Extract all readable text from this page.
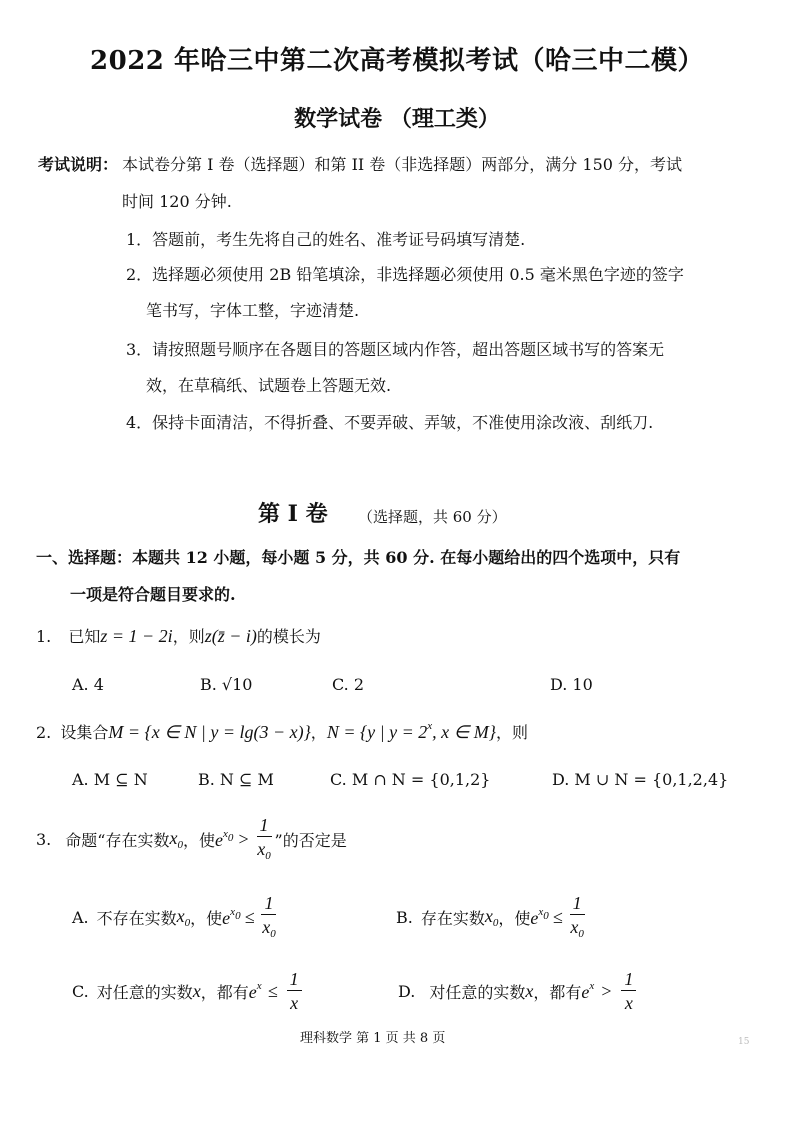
2022 年哈三中第二次高考模拟考试（哈三中二模）
数学试卷 （理工类）
考试说明： 本试卷分第 I 卷（选择题）和第 II 卷（非选择题）两部分，满分 150 分，考试
时间 120 分钟.
1．答题前，考生先将自己的姓名、准考证号码填写清楚.
2．选择题必须使用 2B 铅笔填涂，非选择题必须使用 0.5 毫米黑色字迹的签字
笔书写，字体工整，字迹清楚.
3．请按照题号顺序在各题目的答题区域内作答，超出答题区域书写的答案无
效，在草稿纸、试题卷上答题无效.
4．保持卡面清洁，不得折叠、不要弄破、弄皱，不准使用涂改液、刮纸刀.
第 I 卷 （选择题，共 60 分）
一、选择题：本题共 12 小题，每小题 5 分，共 60 分. 在每小题给出的四个选项中，只有
一项是符合题目要求的.
1. 已知z = 1 − 2i，则z(z̄ − i)的模长为
A. 4	B. √10	C. 2	D. 10
2. 设集合M = {x ∈ N | y = lg(3 − x)}，N = {y | $y = 2^x$, x ∈ M}，则
A. M ⊆ N	B. N ⊆ M	C. M ∩ N = {0,1,2}	D. M ∪ N = {0,1,2,4}
3. 命题“存在实数 $x_0$ ，使 $e^{x_0} > \frac{1}{x_0}$ ”的否定是
A. 不存在实数 $x_0$ ，使 $e^{x_0} \le \frac{1}{x_0}$	B. 存在实数 $x_0$ ，使 $e^{x_0} \le \frac{1}{x_0}$
C. 对任意的实数 x ，都有 $e^x \le \frac{1}{x}$	D. 对任意的实数 x ，都有 $e^x > \frac{1}{x}$
理科数学 第 1 页 共 8 页	15
